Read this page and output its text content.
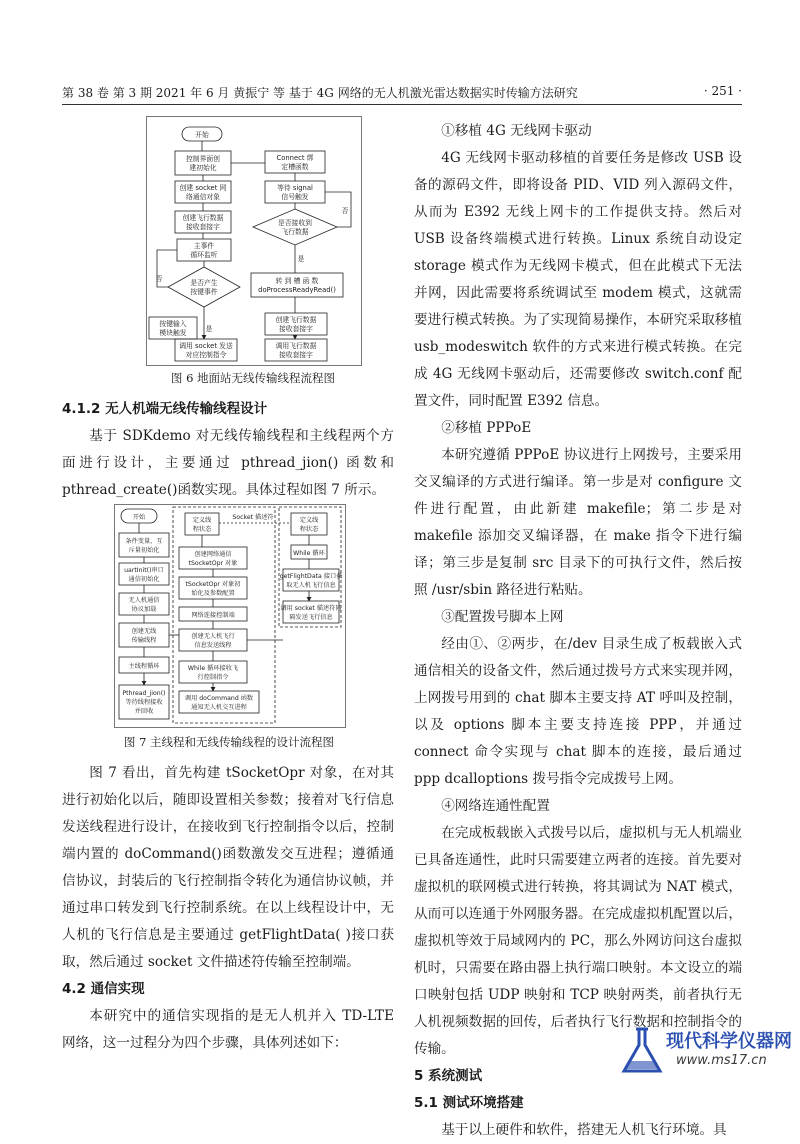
第 38 卷 第 3 期 2021 年 6 月 黄振宁 等 基于 4G 网络的无人机激光雷达数据实时传输方法研究	· 251 ·
开始
控制界面创
建初始化
创建 socket 网
络通信对象
创建飞行数据
接收套接字
主事件
循环监听
是否产生
按键事件
按键输入
模块触发
调用 socket 发送
对应控制指令
Connect 绑
定槽函数
等待 signal
信号触发
是否接收到
飞行数据
转 到 槽 函 数
doProcessReadyRead()
创建飞行数据
接收套接字
调用飞行数据
接收套接字
是
是
否
否
图 6 地面站无线传输线程流程图
开始
条件变量、互
斥量初始化
uartInit()串口
通信初始化
无人机通信
协议加载
创建无线
传输线程
主线程循环
Pthread_jion()
等待线程接收
并回收
定义线
程状态
创建网络通信
tSocketOpr 对象
tSocketOpr 对象初
始化及参数配置
网络连接控制端
创建无人机飞行
信息发送线程
While 循环接收飞
行控制指令
调用 doCommand 函数
通知无人机交互进程
Socket 描述符	定义线
程状态
While 循环
getFlightData 接口获
取无人机飞行信息
调用 socket 描述符同
隔发送飞行信息
图 7 主线程和无线传输线程的设计流程图

4.1.2 无人机端无线传输线程设计

基于 SDKdemo 对无线传输线程和主线程两个方面进行设计，主要通过 pthread_jion() 函数和 pthread_create()函数实现。具体过程如图 7 所示。

图 7 看出，首先构建 tSocketOpr 对象，在对其进行初始化以后，随即设置相关参数；接着对飞行信息发送线程进行设计，在接收到飞行控制指令以后，控制端内置的 doCommand()函数激发交互进程；遵循通信协议，封装后的飞行控制指令转化为通信协议帧，并通过串口转发到飞行控制系统。在以上线程设计中，无人机的飞行信息是主要通过 getFlightData( )接口获取，然后通过 socket 文件描述符传输至控制端。

4.2 通信实现

本研究中的通信实现指的是无人机并入 TD-LTE 网络，这一过程分为四个步骤，具体列述如下：

①移植 4G 无线网卡驱动

4G 无线网卡驱动移植的首要任务是修改 USB 设备的源码文件，即将设备 PID、VID 列入源码文件，从而为 E392 无线上网卡的工作提供支持。然后对 USB 设备终端模式进行转换。Linux 系统自动设定 storage 模式作为无线网卡模式，但在此模式下无法并网，因此需要将系统调试至 modem 模式，这就需要进行模式转换。为了实现简易操作，本研究采取移植 usb_modeswitch 软件的方式来进行模式转换。在完成 4G 无线网卡驱动后，还需要修改 switch.conf 配置文件，同时配置 E392 信息。

②移植 PPPoE

本研究遵循 PPPoE 协议进行上网拨号，主要采用交叉编译的方式进行编译。第一步是对 configure 文件进行配置，由此新建 makefile；第二步是对 makefile 添加交叉编译器，在 make 指令下进行编译；第三步是复制 src 目录下的可执行文件，然后按照 /usr/sbin 路径进行粘贴。

③配置拨号脚本上网

经由①、②两步，在/dev 目录生成了板载嵌入式通信相关的设备文件，然后通过拨号方式来实现并网，上网拨号用到的 chat 脚本主要支持 AT 呼叫及控制，以及 options 脚本主要支持连接 PPP，并通过 connect 命令实现与 chat 脚本的连接，最后通过 ppp dcalloptions 拨号指令完成拨号上网。

④网络连通性配置

在完成板载嵌入式拨号以后，虚拟机与无人机端业已具备连通性，此时只需要建立两者的连接。首先要对虚拟机的联网模式进行转换，将其调试为 NAT 模式，从而可以连通于外网服务器。在完成虚拟机配置以后，虚拟机等效于局域网内的 PC，那么外网访问这台虚拟机时，只需要在路由器上执行端口映射。本文设立的端口映射包括 UDP 映射和 TCP 映射两类，前者执行无人机视频数据的回传，后者执行飞行数据和控制指令的传输。

5 系统测试

5.1 测试环境搭建

基于以上硬件和软件，搭建无人机飞行环境。具

现代科学仪器网
www.ms17.cn
